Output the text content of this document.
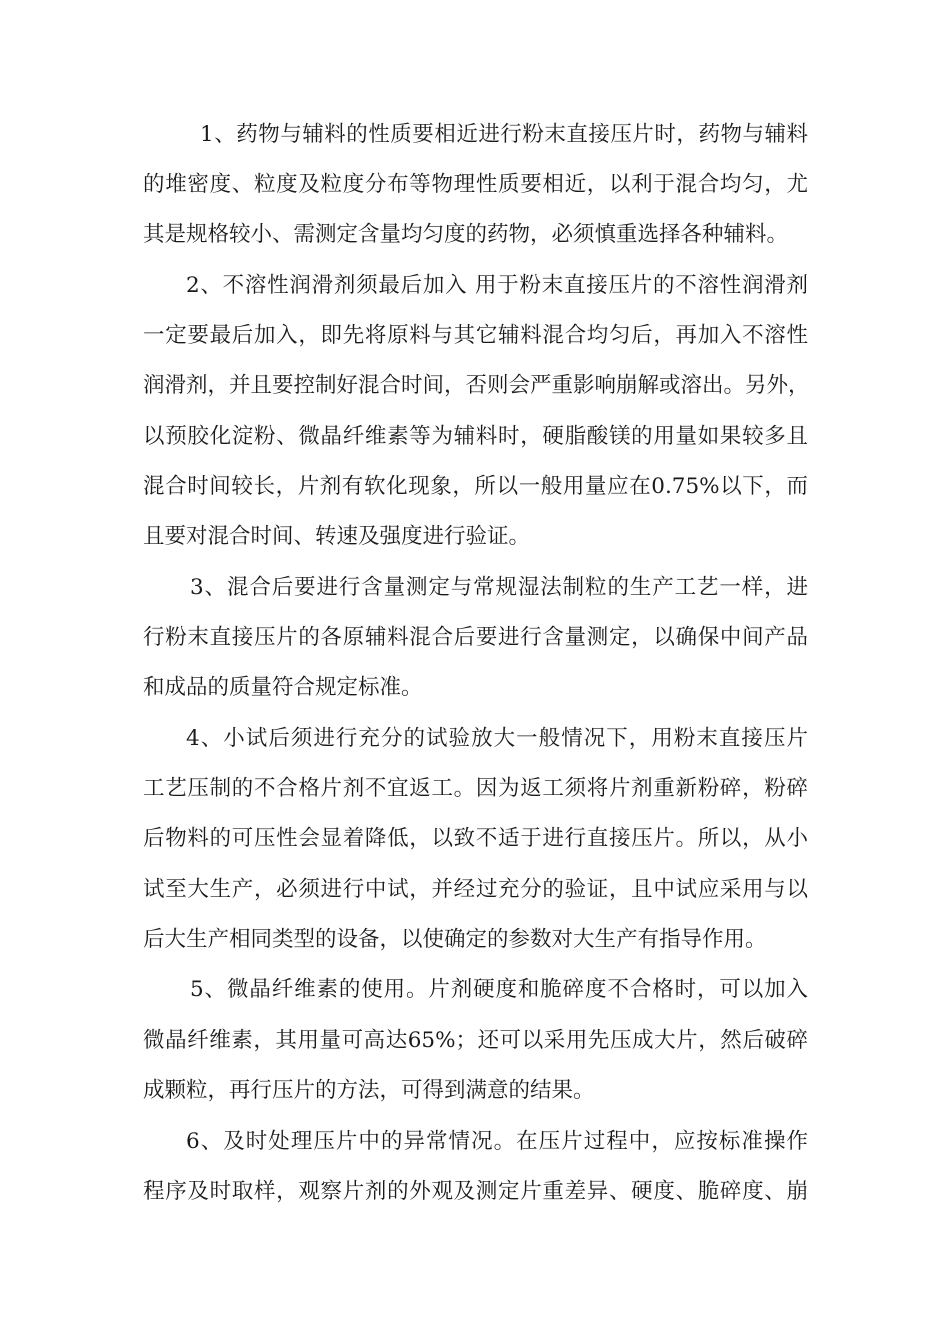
1、药物与辅料的性质要相近进行粉末直接压片时，药物与辅料

的堆密度、粒度及粒度分布等物理性质要相近，以利于混合均匀，尤

其是规格较小、需测定含量均匀度的药物，必须慎重选择各种辅料。

2、不溶性润滑剂须最后加入 用于粉末直接压片的不溶性润滑剂

一定要最后加入，即先将原料与其它辅料混合均匀后，再加入不溶性

润滑剂，并且要控制好混合时间，否则会严重影响崩解或溶出。另外，

以预胶化淀粉、微晶纤维素等为辅料时，硬脂酸镁的用量如果较多且

混合时间较长，片剂有软化现象，所以一般用量应在0.75%以下，而

且要对混合时间、转速及强度进行验证。

3、混合后要进行含量测定与常规湿法制粒的生产工艺一样，进

行粉末直接压片的各原辅料混合后要进行含量测定，以确保中间产品

和成品的质量符合规定标准。

4、小试后须进行充分的试验放大一般情况下，用粉末直接压片

工艺压制的不合格片剂不宜返工。因为返工须将片剂重新粉碎，粉碎

后物料的可压性会显着降低，以致不适于进行直接压片。所以，从小

试至大生产，必须进行中试，并经过充分的验证，且中试应采用与以

后大生产相同类型的设备，以使确定的参数对大生产有指导作用。

5、微晶纤维素的使用。片剂硬度和脆碎度不合格时，可以加入

微晶纤维素，其用量可高达65%；还可以采用先压成大片，然后破碎

成颗粒，再行压片的方法，可得到满意的结果。

6、及时处理压片中的异常情况。在压片过程中，应按标准操作

程序及时取样，观察片剂的外观及测定片重差异、硬度、脆碎度、崩
